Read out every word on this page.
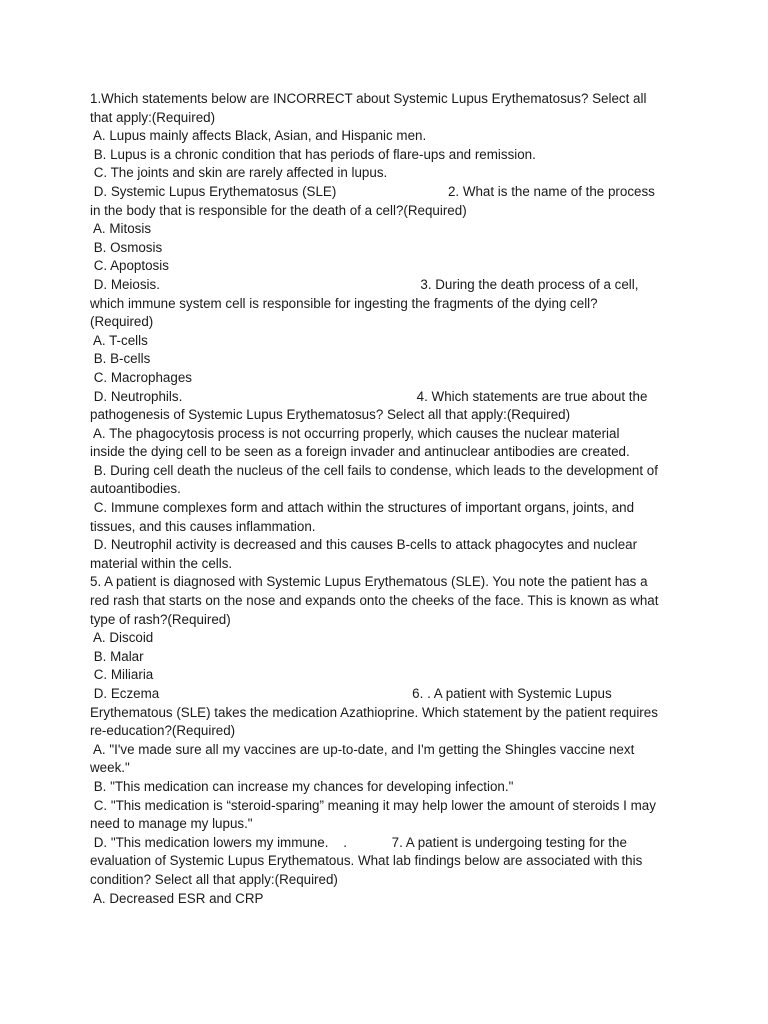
1.Which statements below are INCORRECT about Systemic Lupus Erythematosus? Select all
that apply:(Required)
A. Lupus mainly affects Black, Asian, and Hispanic men.
B. Lupus is a chronic condition that has periods of flare-ups and remission.
C. The joints and skin are rarely affected in lupus.
D. Systemic Lupus Erythematosus (SLE)                              2. What is the name of the process
in the body that is responsible for the death of a cell?(Required)
A. Mitosis
B. Osmosis
C. Apoptosis
D. Meiosis.                                                                      3. During the death process of a cell,
which immune system cell is responsible for ingesting the fragments of the dying cell?
(Required)
A. T-cells
B. B-cells
C. Macrophages
D. Neutrophils.                                                               4. Which statements are true about the
pathogenesis of Systemic Lupus Erythematosus? Select all that apply:(Required)
A. The phagocytosis process is not occurring properly, which causes the nuclear material
inside the dying cell to be seen as a foreign invader and antinuclear antibodies are created.
B. During cell death the nucleus of the cell fails to condense, which leads to the development of
autoantibodies.
C. Immune complexes form and attach within the structures of important organs, joints, and
tissues, and this causes inflammation.
D. Neutrophil activity is decreased and this causes B-cells to attack phagocytes and nuclear
material within the cells.
5. A patient is diagnosed with Systemic Lupus Erythematous (SLE). You note the patient has a
red rash that starts on the nose and expands onto the cheeks of the face. This is known as what
type of rash?(Required)
A. Discoid
B. Malar
C. Miliaria
D. Eczema                                                                    6. . A patient with Systemic Lupus
Erythematous (SLE) takes the medication Azathioprine. Which statement by the patient requires
re-education?(Required)
A. "I've made sure all my vaccines are up-to-date, and I'm getting the Shingles vaccine next
week."
B. "This medication can increase my chances for developing infection."
C. "This medication is “steroid-sparing” meaning it may help lower the amount of steroids I may
need to manage my lupus."
D. "This medication lowers my immune.    .            7. A patient is undergoing testing for the
evaluation of Systemic Lupus Erythematous. What lab findings below are associated with this
condition? Select all that apply:(Required)
A. Decreased ESR and CRP
